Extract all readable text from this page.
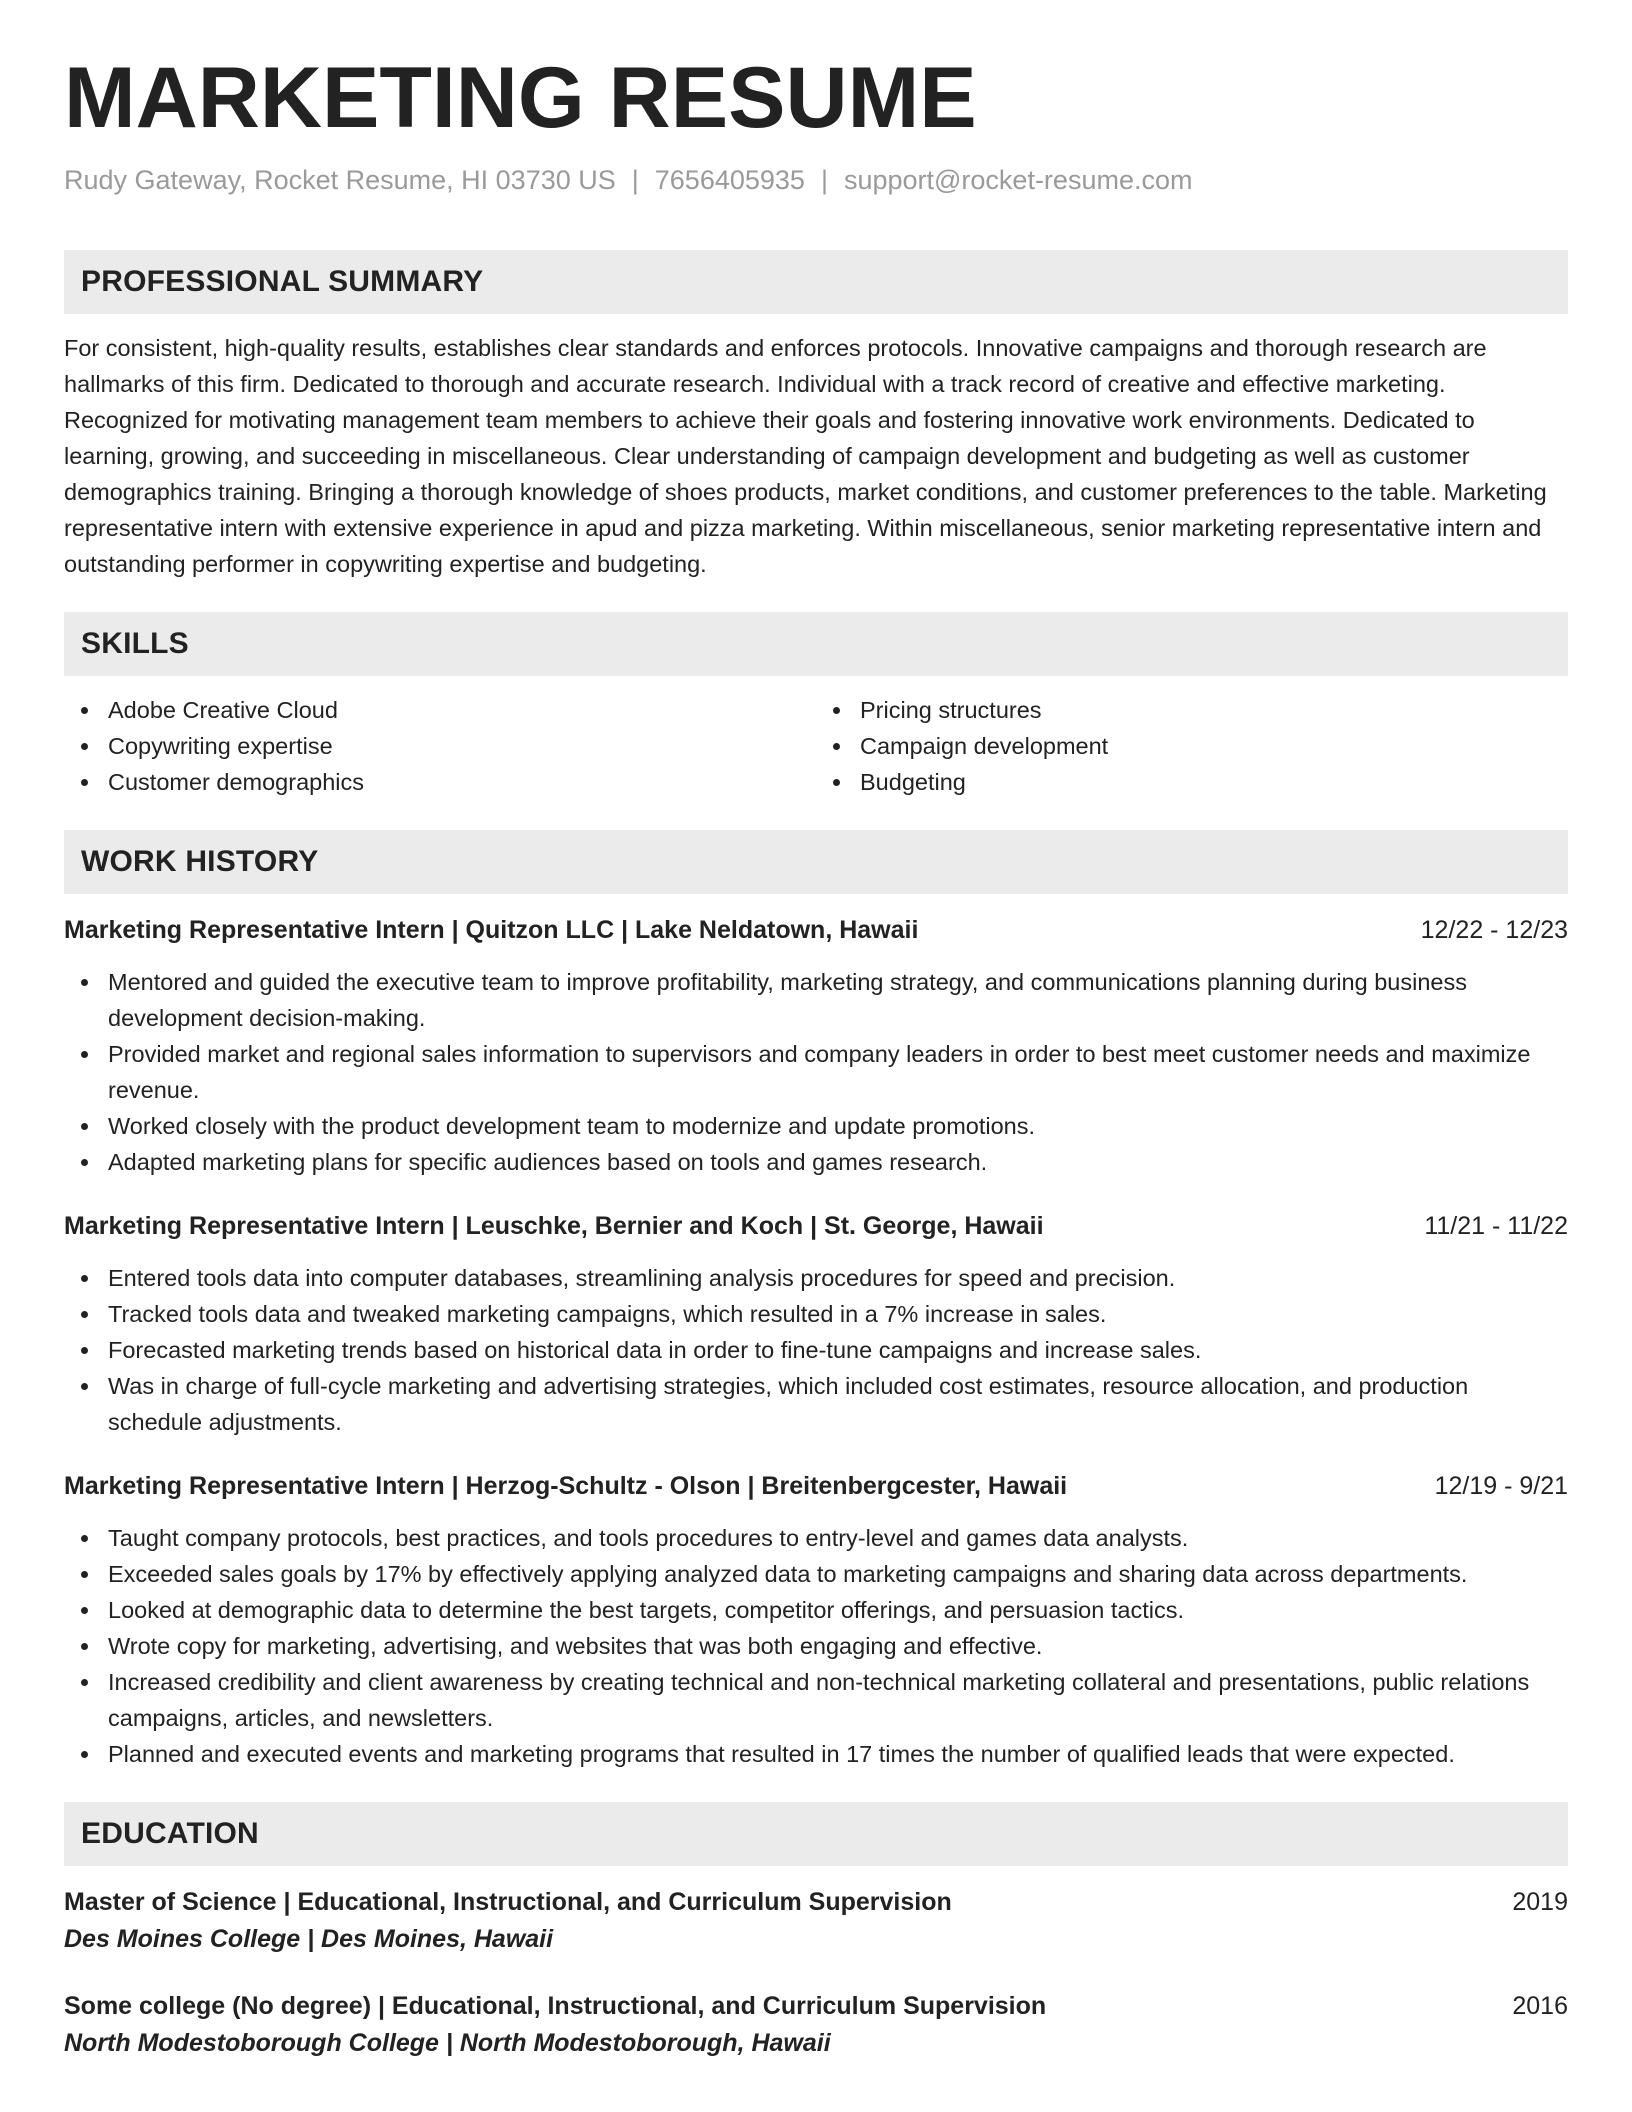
MARKETING RESUME
Rudy Gateway, Rocket Resume, HI 03730 US | 7656405935 | support@rocket-resume.com
PROFESSIONAL SUMMARY

For consistent, high-quality results, establishes clear standards and enforces protocols. Innovative campaigns and thorough research are hallmarks of this firm. Dedicated to thorough and accurate research. Individual with a track record of creative and effective marketing. Recognized for motivating management team members to achieve their goals and fostering innovative work environments. Dedicated to learning, growing, and succeeding in miscellaneous. Clear understanding of campaign development and budgeting as well as customer demographics training. Bringing a thorough knowledge of shoes products, market conditions, and customer preferences to the table. Marketing representative intern with extensive experience in apud and pizza marketing. Within miscellaneous, senior marketing representative intern and outstanding performer in copywriting expertise and budgeting.

SKILLS
Adobe Creative Cloud
Copywriting expertise
Customer demographics
Pricing structures
Campaign development
Budgeting
WORK HISTORY
Marketing Representative Intern | Quitzon LLC | Lake Neldatown, Hawaii	12/22 - 12/23
Mentored and guided the executive team to improve profitability, marketing strategy, and communications planning during business development decision-making.
Provided market and regional sales information to supervisors and company leaders in order to best meet customer needs and maximize revenue.
Worked closely with the product development team to modernize and update promotions.
Adapted marketing plans for specific audiences based on tools and games research.
Marketing Representative Intern | Leuschke, Bernier and Koch | St. George, Hawaii	11/21 - 11/22
Entered tools data into computer databases, streamlining analysis procedures for speed and precision.
Tracked tools data and tweaked marketing campaigns, which resulted in a 7% increase in sales.
Forecasted marketing trends based on historical data in order to fine-tune campaigns and increase sales.
Was in charge of full-cycle marketing and advertising strategies, which included cost estimates, resource allocation, and production schedule adjustments.
Marketing Representative Intern | Herzog-Schultz - Olson | Breitenbergcester, Hawaii	12/19 - 9/21
Taught company protocols, best practices, and tools procedures to entry-level and games data analysts.
Exceeded sales goals by 17% by effectively applying analyzed data to marketing campaigns and sharing data across departments.
Looked at demographic data to determine the best targets, competitor offerings, and persuasion tactics.
Wrote copy for marketing, advertising, and websites that was both engaging and effective.
Increased credibility and client awareness by creating technical and non-technical marketing collateral and presentations, public relations campaigns, articles, and newsletters.
Planned and executed events and marketing programs that resulted in 17 times the number of qualified leads that were expected.
EDUCATION
Master of Science | Educational, Instructional, and Curriculum Supervision	2019
Des Moines College | Des Moines, Hawaii
Some college (No degree) | Educational, Instructional, and Curriculum Supervision	2016
North Modestoborough College | North Modestoborough, Hawaii
